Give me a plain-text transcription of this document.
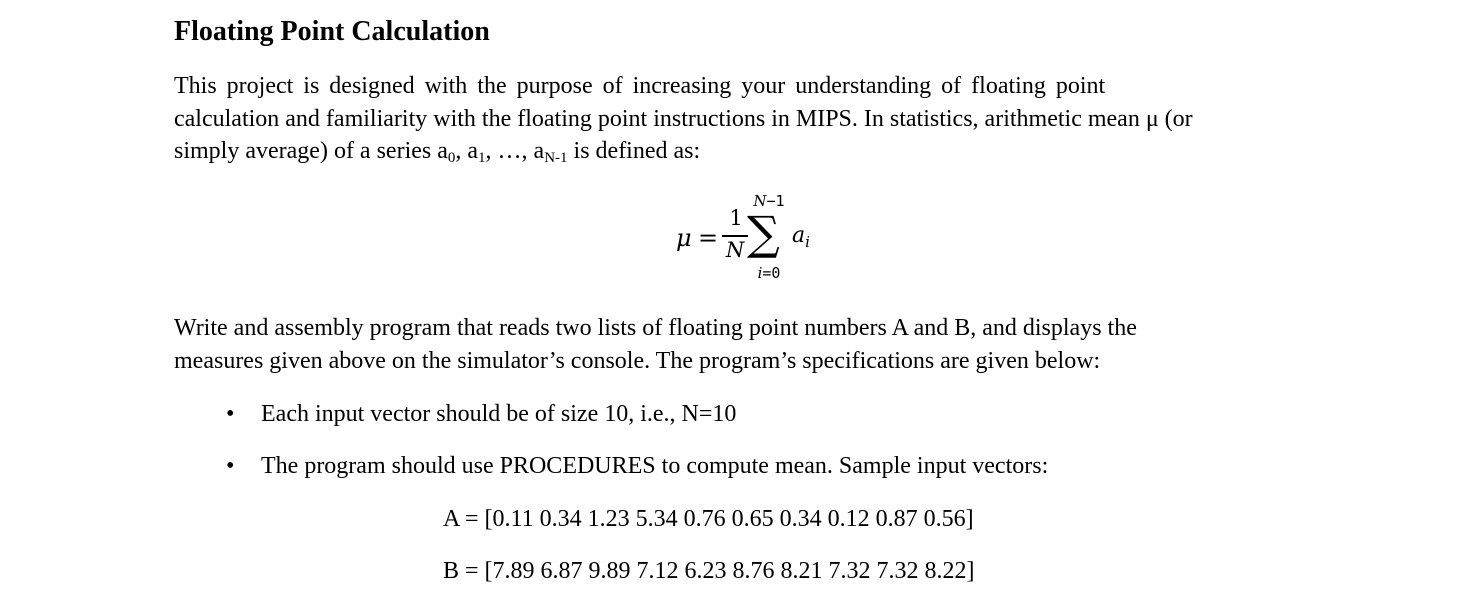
Floating Point Calculation
This project is designed with the purpose of increasing your understanding of floating point
calculation and familiarity with the floating point instructions in MIPS. In statistics, arithmetic mean μ (or
simply average) of a series a0, a1, …, aN-1 is defined as:
μ =
1
N
N−1
∑
i=0
$a_i$
Write and assembly program that reads two lists of floating point numbers A and B, and displays the
measures given above on the simulator’s console. The program’s specifications are given below:
• Each input vector should be of size 10, i.e., N=10
• The program should use PROCEDURES to compute mean. Sample input vectors:
A = [0.11 0.34 1.23 5.34 0.76 0.65 0.34 0.12 0.87 0.56]
B = [7.89 6.87 9.89 7.12 6.23 8.76 8.21 7.32 7.32 8.22]
